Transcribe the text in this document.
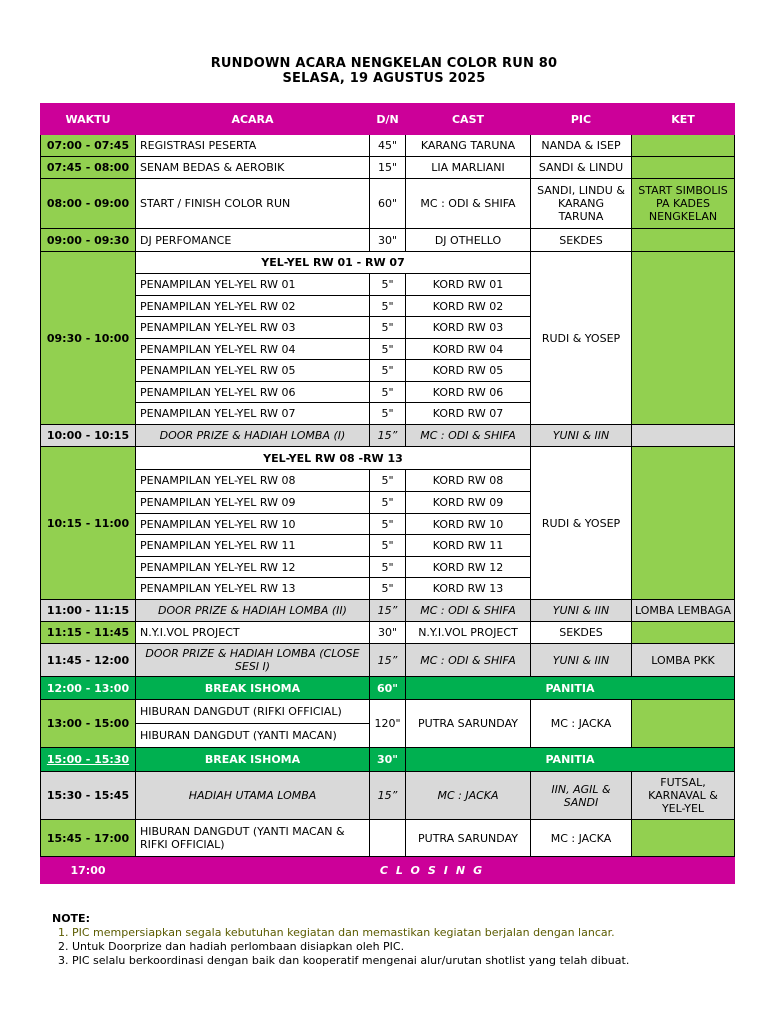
RUNDOWN ACARA NENGKELAN COLOR RUN 80
SELASA, 19 AGUSTUS 2025
WAKTU	ACARA	D/N	CAST	PIC	KET
07:00 - 07:45	REGISTRASI PESERTA	45"	KARANG TARUNA	NANDA & ISEP	
07:45 - 08:00	SENAM BEDAS & AEROBIK	15"	LIA MARLIANI	SANDI & LINDU	
08:00 - 09:00	START / FINISH COLOR RUN	60"	MC : ODI & SHIFA	SANDI, LINDU & KARANG TARUNA	START SIMBOLIS PA KADES NENGKELAN
09:00 - 09:30	DJ PERFOMANCE	30"	DJ OTHELLO	SEKDES	
09:30 - 10:00	YEL-YEL RW 01 - RW 07			RUDI & YOSEP	
	PENAMPILAN YEL-YEL RW 01	5"	KORD RW 01		
	PENAMPILAN YEL-YEL RW 02	5"	KORD RW 02		
	PENAMPILAN YEL-YEL RW 03	5"	KORD RW 03		
	PENAMPILAN YEL-YEL RW 04	5"	KORD RW 04		
	PENAMPILAN YEL-YEL RW 05	5"	KORD RW 05		
	PENAMPILAN YEL-YEL RW 06	5"	KORD RW 06		
	PENAMPILAN YEL-YEL RW 07	5"	KORD RW 07		
10:00 - 10:15	DOOR PRIZE & HADIAH LOMBA (I)	15”	MC : ODI & SHIFA	YUNI & IIN	
10:15 - 11:00	YEL-YEL RW 08 -RW 13			RUDI & YOSEP	
	PENAMPILAN YEL-YEL RW 08	5"	KORD RW 08		
	PENAMPILAN YEL-YEL RW 09	5"	KORD RW 09		
	PENAMPILAN YEL-YEL RW 10	5"	KORD RW 10		
	PENAMPILAN YEL-YEL RW 11	5"	KORD RW 11		
	PENAMPILAN YEL-YEL RW 12	5"	KORD RW 12		
	PENAMPILAN YEL-YEL RW 13	5"	KORD RW 13		
11:00 - 11:15	DOOR PRIZE & HADIAH LOMBA (II)	15”	MC : ODI & SHIFA	YUNI & IIN	LOMBA LEMBAGA
11:15 - 11:45	N.Y.I.VOL PROJECT	30"	N.Y.I.VOL PROJECT	SEKDES	
11:45 - 12:00	DOOR PRIZE & HADIAH LOMBA (CLOSE SESI I)	15”	MC : ODI & SHIFA	YUNI & IIN	LOMBA PKK
12:00 - 13:00	BREAK ISHOMA	60"	PANITIA		
13:00 - 15:00	HIBURAN DANGDUT (RIFKI OFFICIAL)	120"	PUTRA SARUNDAY	MC : JACKA	
	HIBURAN DANGDUT (YANTI MACAN)				
15:00 - 15:30	BREAK ISHOMA	30"	PANITIA		
15:30 - 15:45	HADIAH UTAMA LOMBA	15”	MC : JACKA	IIN, AGIL & SANDI	FUTSAL, KARNAVAL & YEL-YEL
15:45 - 17:00	HIBURAN DANGDUT (YANTI MACAN & RIFKI OFFICIAL)		PUTRA SARUNDAY	MC : JACKA	
17:00	CLOSING				
NOTE:
1. PIC mempersiapkan segala kebutuhan kegiatan dan memastikan kegiatan berjalan dengan lancar.
2. Untuk Doorprize dan hadiah perlombaan disiapkan oleh PIC.
3. PIC selalu berkoordinasi dengan baik dan kooperatif mengenai alur/urutan shotlist yang telah dibuat.
